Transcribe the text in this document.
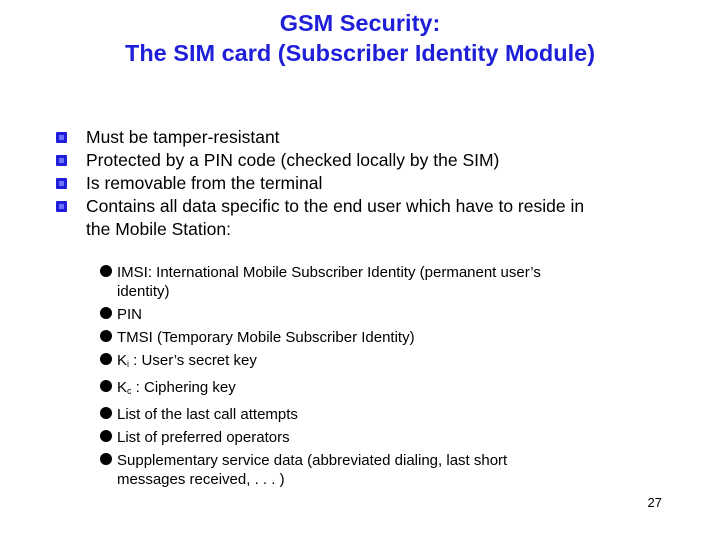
GSM Security:
The SIM card (Subscriber Identity Module)
Must be tamper-resistant
Protected by a PIN code (checked locally by the SIM)
Is removable from the terminal
Contains all data specific to the end user which have to reside in
the Mobile Station:
IMSI: International Mobile Subscriber Identity (permanent user’s
identity)
PIN
TMSI (Temporary Mobile Subscriber Identity)
$K_i$ : User’s secret key
$K_c$ : Ciphering key
List of the last call attempts
List of preferred operators
Supplementary service data (abbreviated dialing, last short
messages received, . . . )
27
